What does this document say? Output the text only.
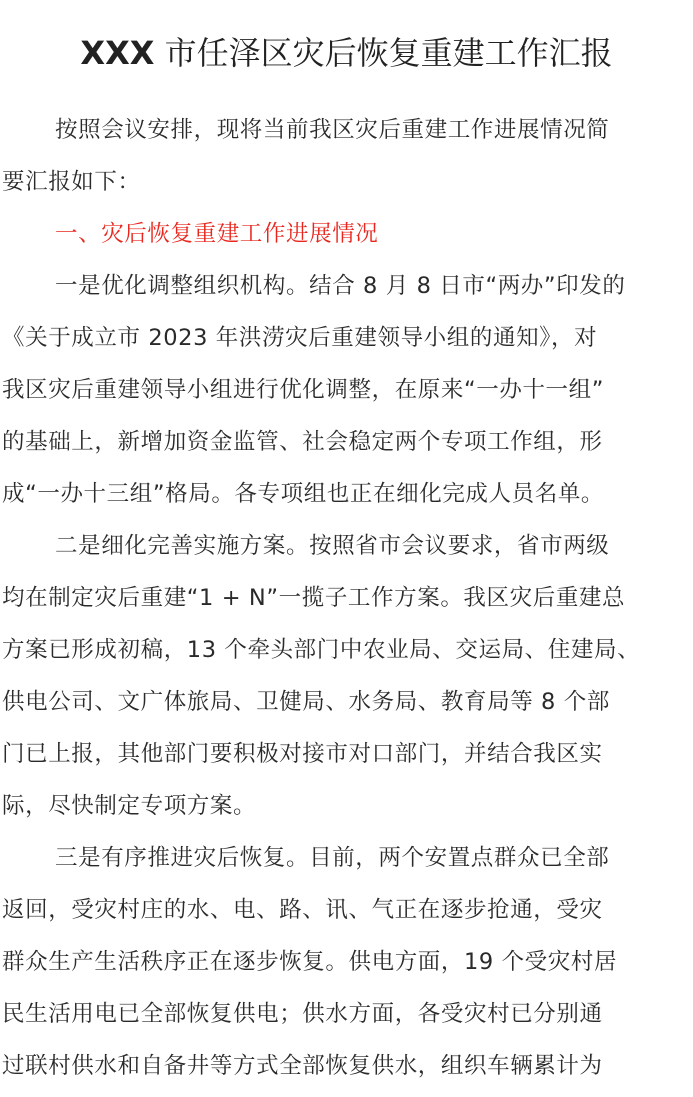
XXX 市任泽区灾后恢复重建工作汇报
按照会议安排，现将当前我区灾后重建工作进展情况简
要汇报如下：
一、灾后恢复重建工作进展情况
一是优化调整组织机构。结合 8 月 8 日市“两办”印发的
《关于成立市 2023 年洪涝灾后重建领导小组的通知》，对
我区灾后重建领导小组进行优化调整，在原来“一办十一组”
的基础上，新增加资金监管、社会稳定两个专项工作组，形
成“一办十三组”格局。各专项组也正在细化完成人员名单。
二是细化完善实施方案。按照省市会议要求，省市两级
均在制定灾后重建“1 + N”一揽子工作方案。我区灾后重建总
方案已形成初稿，13 个牵头部门中农业局、交运局、住建局、
供电公司、文广体旅局、卫健局、水务局、教育局等 8 个部
门已上报，其他部门要积极对接市对口部门，并结合我区实
际，尽快制定专项方案。
三是有序推进灾后恢复。目前，两个安置点群众已全部
返回，受灾村庄的水、电、路、讯、气正在逐步抢通，受灾
群众生产生活秩序正在逐步恢复。供电方面，19 个受灾村居
民生活用电已全部恢复供电；供水方面，各受灾村已分别通
过联村供水和自备井等方式全部恢复供水，组织车辆累计为
